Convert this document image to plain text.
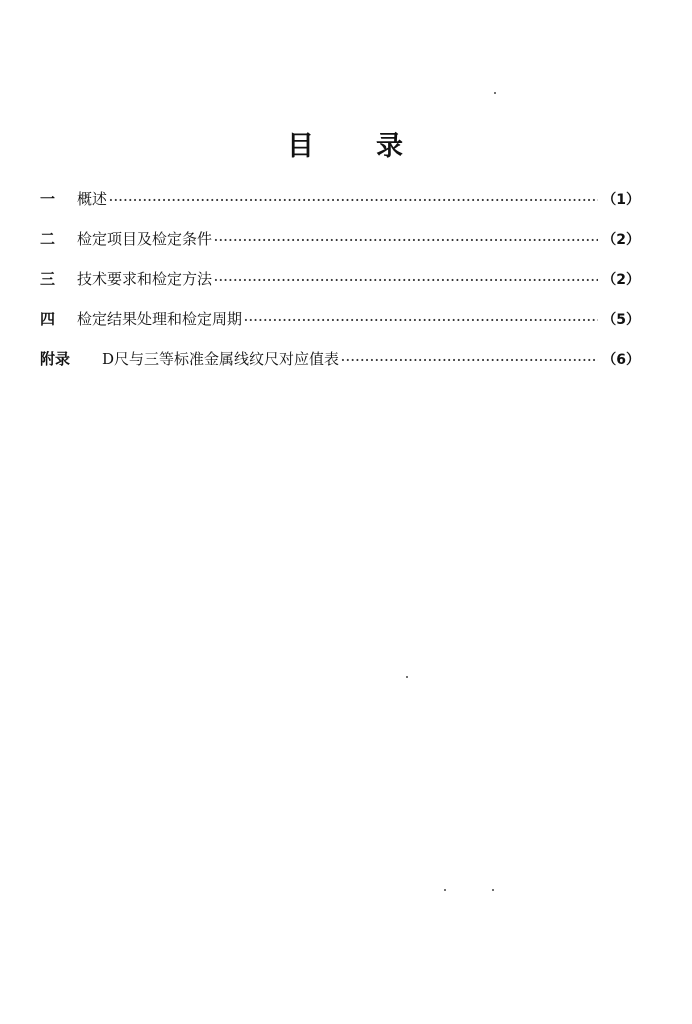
目 录
一	概述 ·····	（1）
二	检定项目及检定条件 ·····	（2）
三	技术要求和检定方法 ·····	（2）
四	检定结果处理和检定周期 ·····	（5）
附录	D尺与三等标准金属线纹尺对应值表 ·····	（6）
